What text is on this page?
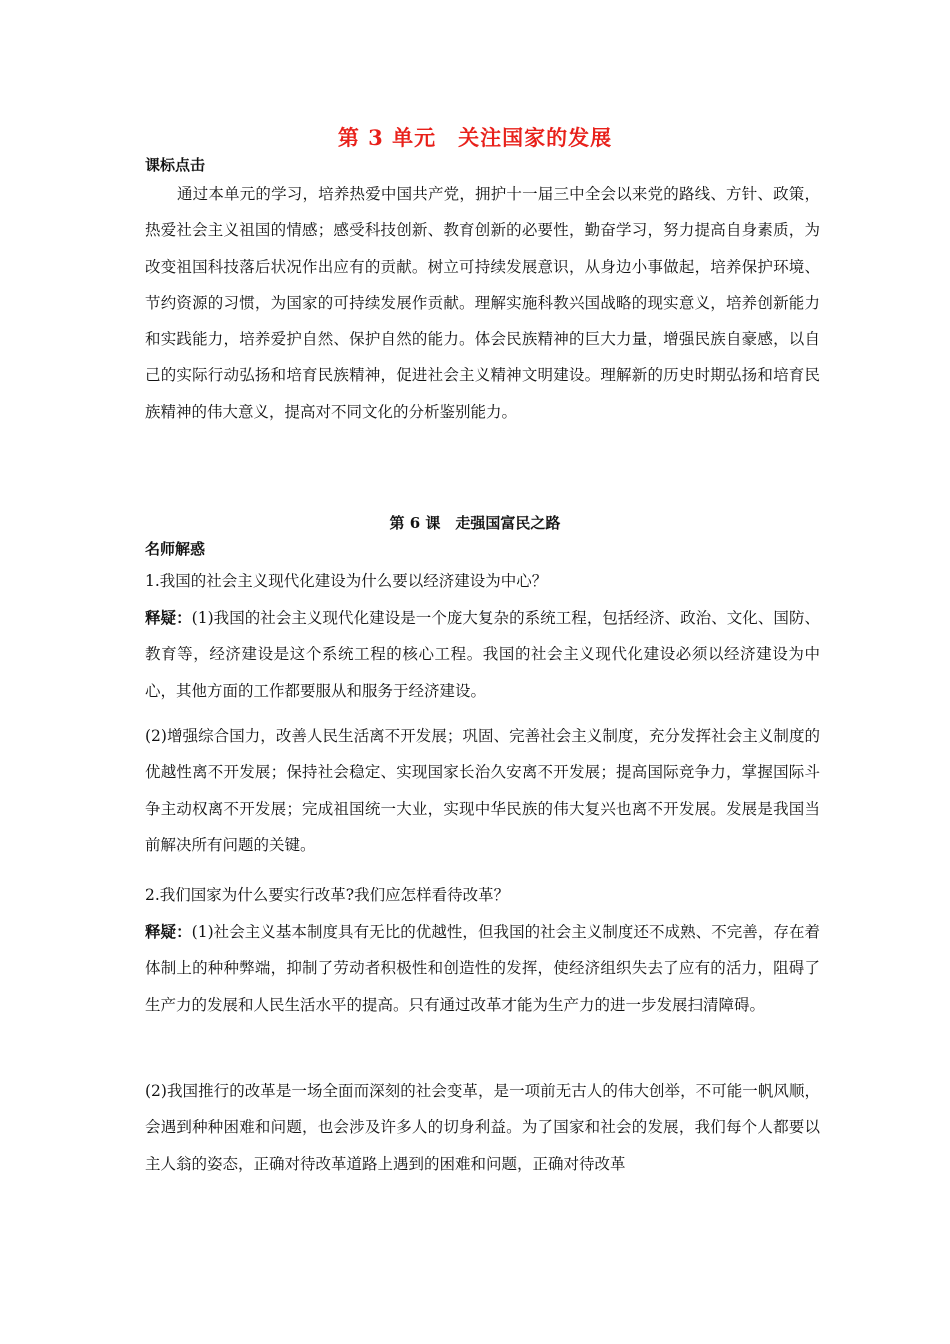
第 3 单元　关注国家的发展
课标点击
通过本单元的学习，培养热爱中国共产党，拥护十一届三中全会以来党的路线、方针、政策，热爱社会主义祖国的情感；感受科技创新、教育创新的必要性，勤奋学习，努力提高自身素质，为改变祖国科技落后状况作出应有的贡献。树立可持续发展意识，从身边小事做起，培养保护环境、节约资源的习惯，为国家的可持续发展作贡献。理解实施科教兴国战略的现实意义，培养创新能力和实践能力，培养爱护自然、保护自然的能力。体会民族精神的巨大力量，增强民族自豪感，以自己的实际行动弘扬和培育民族精神，促进社会主义精神文明建设。理解新的历史时期弘扬和培育民族精神的伟大意义，提高对不同文化的分析鉴别能力。
第 6 课　走强国富民之路
名师解惑
1.我国的社会主义现代化建设为什么要以经济建设为中心？
释疑：(1)我国的社会主义现代化建设是一个庞大复杂的系统工程，包括经济、政治、文化、国防、教育等，经济建设是这个系统工程的核心工程。我国的社会主义现代化建设必须以经济建设为中心，其他方面的工作都要服从和服务于经济建设。
(2)增强综合国力，改善人民生活离不开发展；巩固、完善社会主义制度，充分发挥社会主义制度的优越性离不开发展；保持社会稳定、实现国家长治久安离不开发展；提高国际竞争力，掌握国际斗争主动权离不开发展；完成祖国统一大业，实现中华民族的伟大复兴也离不开发展。发展是我国当前解决所有问题的关键。
2.我们国家为什么要实行改革?我们应怎样看待改革？
释疑：(1)社会主义基本制度具有无比的优越性，但我国的社会主义制度还不成熟、不完善，存在着体制上的种种弊端，抑制了劳动者积极性和创造性的发挥，使经济组织失去了应有的活力，阻碍了生产力的发展和人民生活水平的提高。只有通过改革才能为生产力的进一步发展扫清障碍。
(2)我国推行的改革是一场全面而深刻的社会变革，是一项前无古人的伟大创举，不可能一帆风顺，会遇到种种困难和问题，也会涉及许多人的切身利益。为了国家和社会的发展，我们每个人都要以主人翁的姿态，正确对待改革道路上遇到的困难和问题，正确对待改革
